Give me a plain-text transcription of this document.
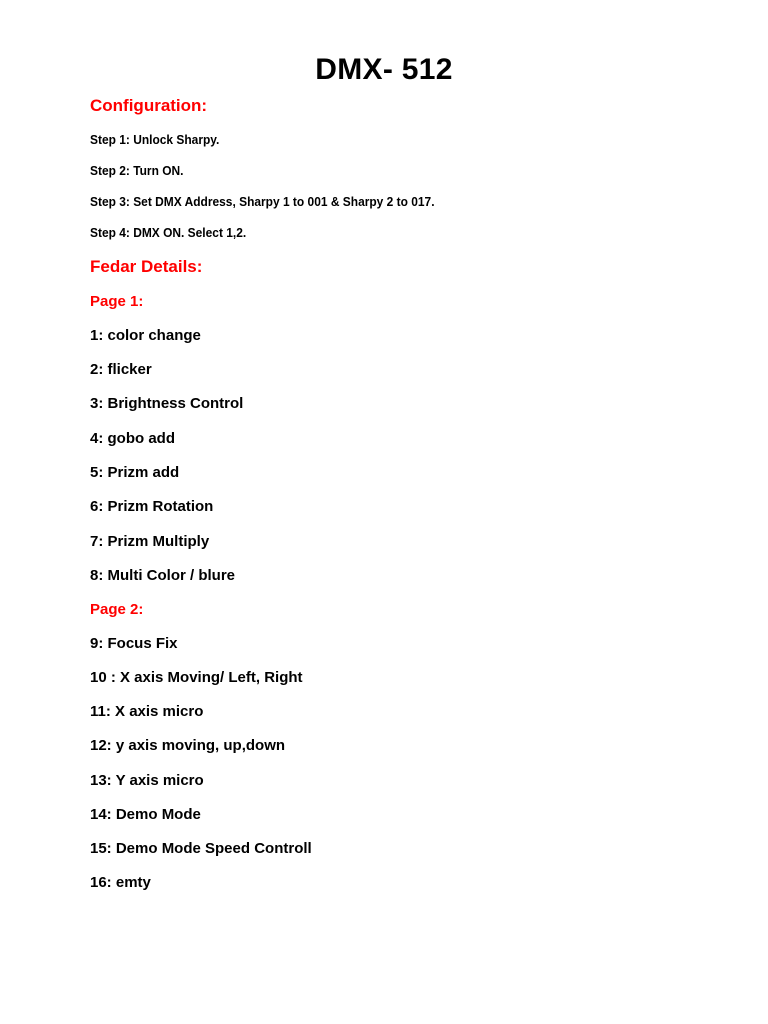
DMX- 512
Configuration:
Step 1: Unlock Sharpy.
Step 2: Turn ON.
Step 3: Set DMX Address, Sharpy 1 to 001 & Sharpy 2 to 017.
Step 4: DMX ON. Select 1,2.
Fedar Details:
Page 1:
1: color change
2: flicker
3: Brightness Control
4: gobo add
5: Prizm add
6: Prizm Rotation
7: Prizm Multiply
8: Multi Color / blure
Page 2:
9: Focus Fix
10 : X axis Moving/ Left, Right
11: X axis micro
12: y axis moving, up,down
13: Y axis micro
14: Demo Mode
15: Demo Mode Speed Controll
16: emty
